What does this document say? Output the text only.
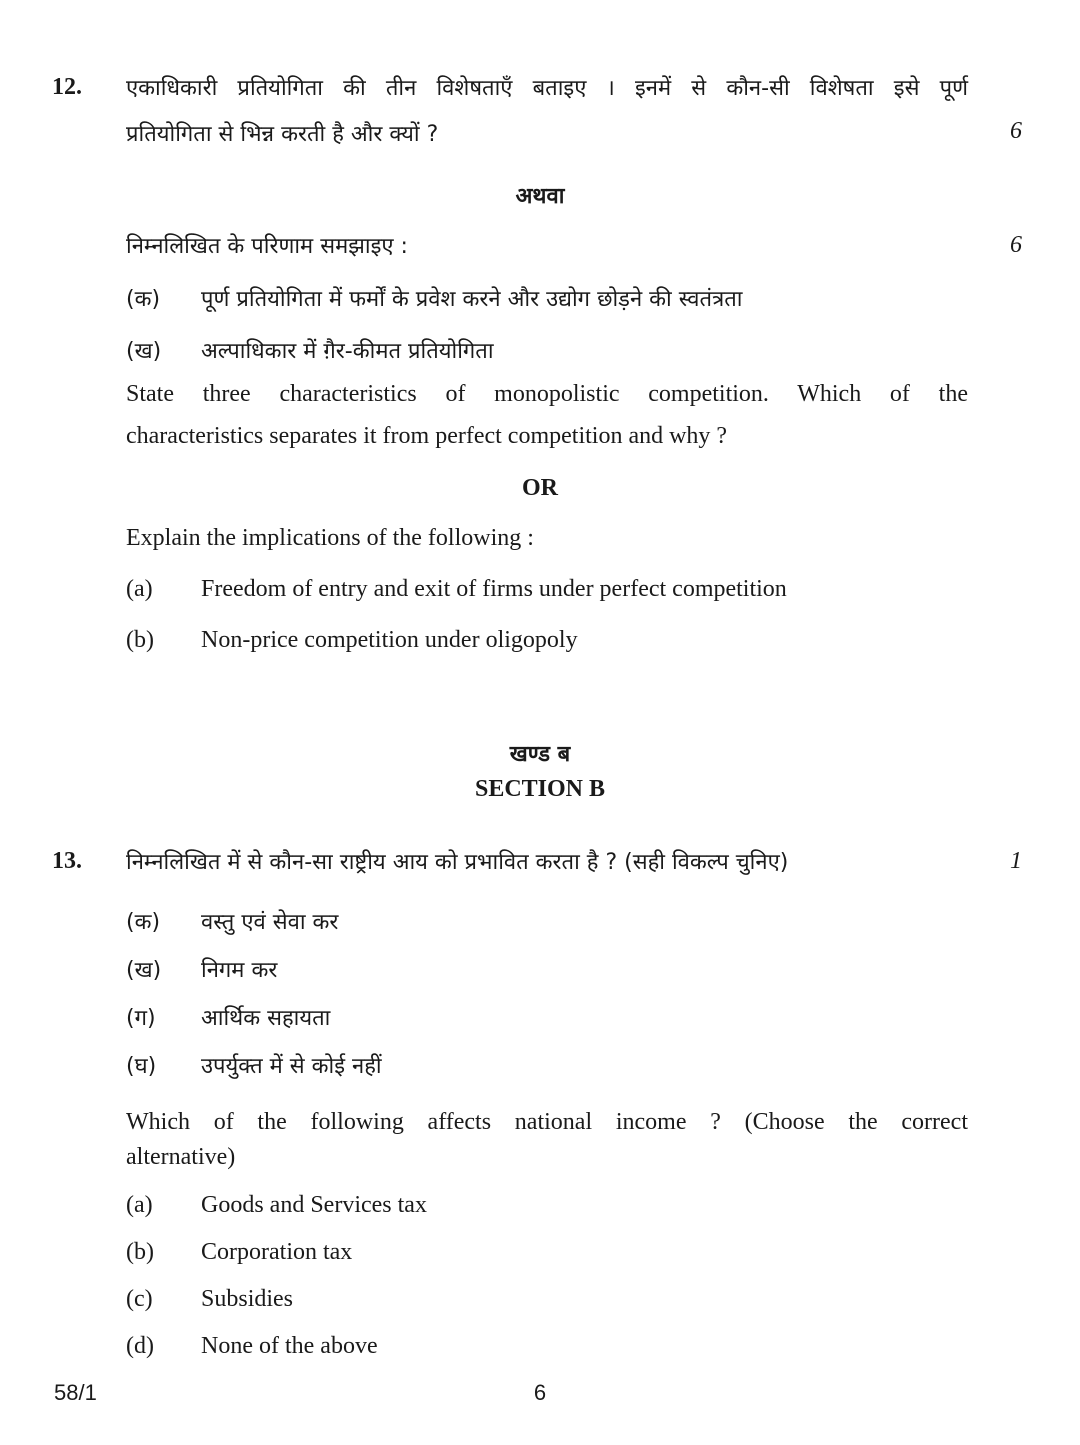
12. एकाधिकारी प्रतियोगिता की तीन विशेषताएँ बताइए । इनमें से कौन-सी विशेषता इसे पूर्ण
प्रतियोगिता से भिन्न करती है और क्यों ?	6
अथवा
निम्नलिखित के परिणाम समझाइए :	6
(क) पूर्ण प्रतियोगिता में फर्मों के प्रवेश करने और उद्योग छोड़ने की स्वतंत्रता
(ख) अल्पाधिकार में ग़ैर-कीमत प्रतियोगिता
State three characteristics of monopolistic competition. Which of the
characteristics separates it from perfect competition and why ?
OR
Explain the implications of the following :
(a) Freedom of entry and exit of firms under perfect competition
(b) Non-price competition under oligopoly
खण्ड ब
SECTION B
13. निम्नलिखित में से कौन-सा राष्ट्रीय आय को प्रभावित करता है ? (सही विकल्प चुनिए)	1
(क) वस्तु एवं सेवा कर
(ख) निगम कर
(ग) आर्थिक सहायता
(घ) उपर्युक्त में से कोई नहीं
Which of the following affects national income ? (Choose the correct
alternative)
(a) Goods and Services tax
(b) Corporation tax
(c) Subsidies
(d) None of the above
58/1	6
